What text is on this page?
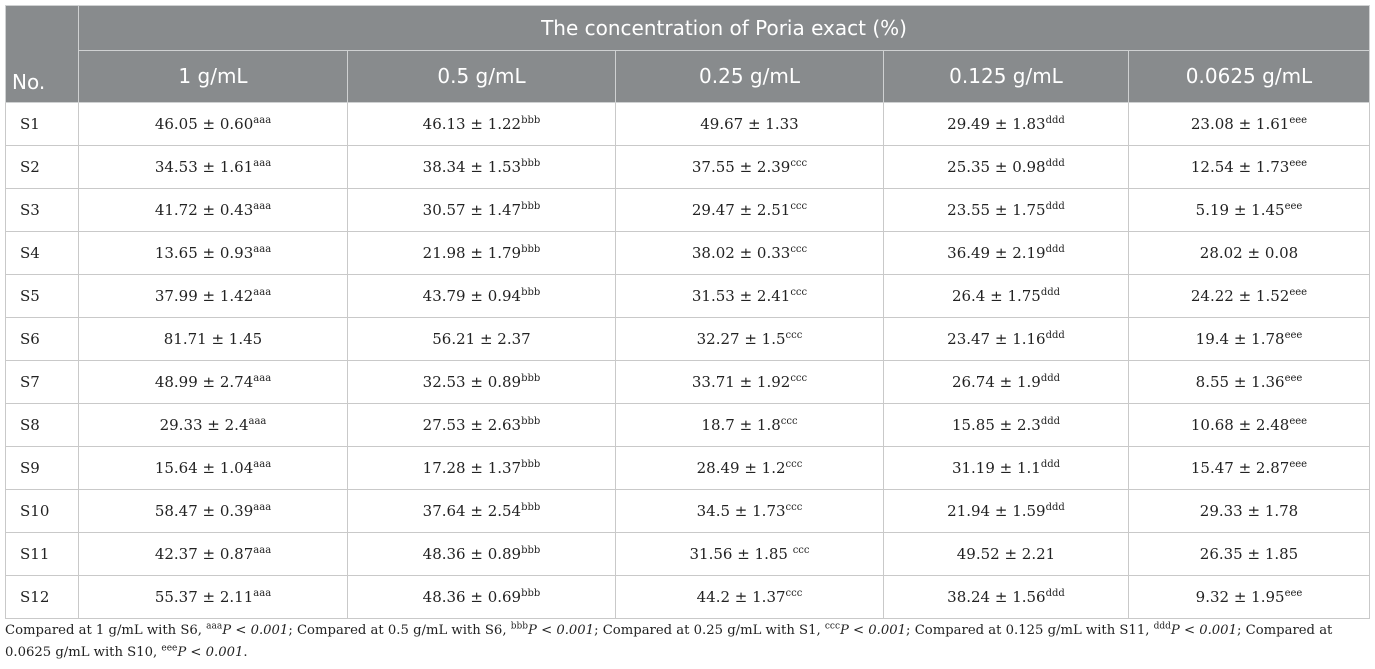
	The concentration of Poria exact (%)				
No.	1 g/mL	0.5 g/mL	0.25 g/mL	0.125 g/mL	0.0625 g/mL
S1	46.05 ± 0.60$^{aaa}$	46.13 ± 1.22$^{bbb}$	49.67 ± 1.33	29.49 ± 1.83$^{ddd}$	23.08 ± 1.61$^{eee}$
S2	34.53 ± 1.61$^{aaa}$	38.34 ± 1.53$^{bbb}$	37.55 ± 2.39$^{ccc}$	25.35 ± 0.98$^{ddd}$	12.54 ± 1.73$^{eee}$
S3	41.72 ± 0.43$^{aaa}$	30.57 ± 1.47$^{bbb}$	29.47 ± 2.51$^{ccc}$	23.55 ± 1.75$^{ddd}$	5.19 ± 1.45$^{eee}$
S4	13.65 ± 0.93$^{aaa}$	21.98 ± 1.79$^{bbb}$	38.02 ± 0.33$^{ccc}$	36.49 ± 2.19$^{ddd}$	28.02 ± 0.08
S5	37.99 ± 1.42$^{aaa}$	43.79 ± 0.94$^{bbb}$	31.53 ± 2.41$^{ccc}$	26.4 ± 1.75$^{ddd}$	24.22 ± 1.52$^{eee}$
S6	81.71 ± 1.45	56.21 ± 2.37	32.27 ± 1.5$^{ccc}$	23.47 ± 1.16$^{ddd}$	19.4 ± 1.78$^{eee}$
S7	48.99 ± 2.74$^{aaa}$	32.53 ± 0.89$^{bbb}$	33.71 ± 1.92$^{ccc}$	26.74 ± 1.9$^{ddd}$	8.55 ± 1.36$^{eee}$
S8	29.33 ± 2.4$^{aaa}$	27.53 ± 2.63$^{bbb}$	18.7 ± 1.8$^{ccc}$	15.85 ± 2.3$^{ddd}$	10.68 ± 2.48$^{eee}$
S9	15.64 ± 1.04$^{aaa}$	17.28 ± 1.37$^{bbb}$	28.49 ± 1.2$^{ccc}$	31.19 ± 1.1$^{ddd}$	15.47 ± 2.87$^{eee}$
S10	58.47 ± 0.39$^{aaa}$	37.64 ± 2.54$^{bbb}$	34.5 ± 1.73$^{ccc}$	21.94 ± 1.59$^{ddd}$	29.33 ± 1.78
S11	42.37 ± 0.87$^{aaa}$	48.36 ± 0.89$^{bbb}$	31.56 ± 1.85 $^{ccc}$	49.52 ± 2.21	26.35 ± 1.85
S12	55.37 ± 2.11$^{aaa}$	48.36 ± 0.69$^{bbb}$	44.2 ± 1.37$^{ccc}$	38.24 ± 1.56$^{ddd}$	9.32 ± 1.95$^{eee}$
Compared at 1 g/mL with S6, $^{aaa}$P < 0.001; Compared at 0.5 g/mL with S6, $^{bbb}$P < 0.001; Compared at 0.25 g/mL with S1, $^{ccc}$P < 0.001; Compared at 0.125 g/mL with S11, $^{ddd}$P < 0.001; Compared at 0.0625 g/mL with S10, $^{eee}$P < 0.001.
